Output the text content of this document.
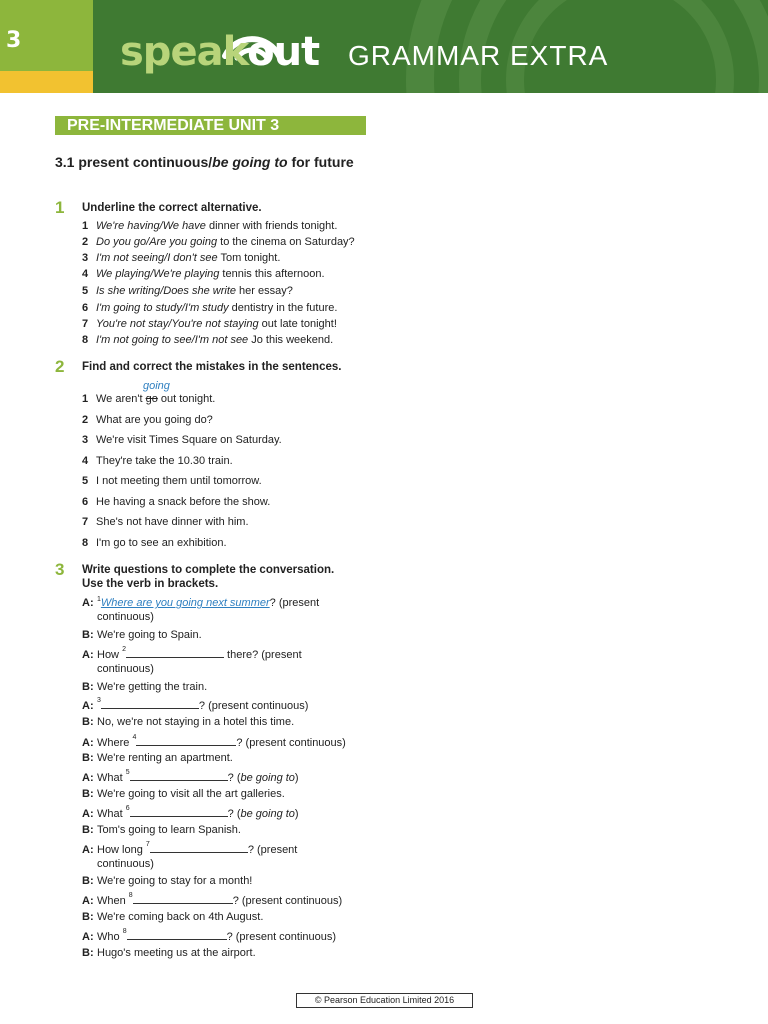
3 speakout GRAMMAR EXTRA
PRE-INTERMEDIATE UNIT 3
3.1 present continuous/be going to for future
1 Underline the correct alternative.
1 We're having/We have dinner with friends tonight.
2 Do you go/Are you going to the cinema on Saturday?
3 I'm not seeing/I don't see Tom tonight.
4 We playing/We're playing tennis this afternoon.
5 Is she writing/Does she write her essay?
6 I'm going to study/I'm study dentistry in the future.
7 You're not stay/You're not staying out late tonight!
8 I'm not going to see/I'm not see Jo this weekend.
2 Find and correct the mistakes in the sentences.
going
1 We aren't go out tonight.
2 What are you going do?
3 We're visit Times Square on Saturday.
4 They're take the 10.30 train.
5 I not meeting them until tomorrow.
6 He having a snack before the show.
7 She's not have dinner with him.
8 I'm go to see an exhibition.
3 Write questions to complete the conversation.
Use the verb in brackets.
A: $^1$Where are you going next summer? (present
continuous)
B: We're going to Spain.
A: How $^2$	there? (present
continuous)
B: We're getting the train.
A: $^3$	? (present continuous)
B: No, we're not staying in a hotel this time.
A: Where $^4$	? (present continuous)
B: We're renting an apartment.
A: What $^5$	? (be going to)
B: We're going to visit all the art galleries.
A: What $^6$	? (be going to)
B: Tom's going to learn Spanish.
A: How long $^7$	? (present
continuous)
B: We're going to stay for a month!
A: When $^8$	? (present continuous)
B: We're coming back on 4th August.
A: Who $^8$	? (present continuous)
B: Hugo's meeting us at the airport.
© Pearson Education Limited 2016
